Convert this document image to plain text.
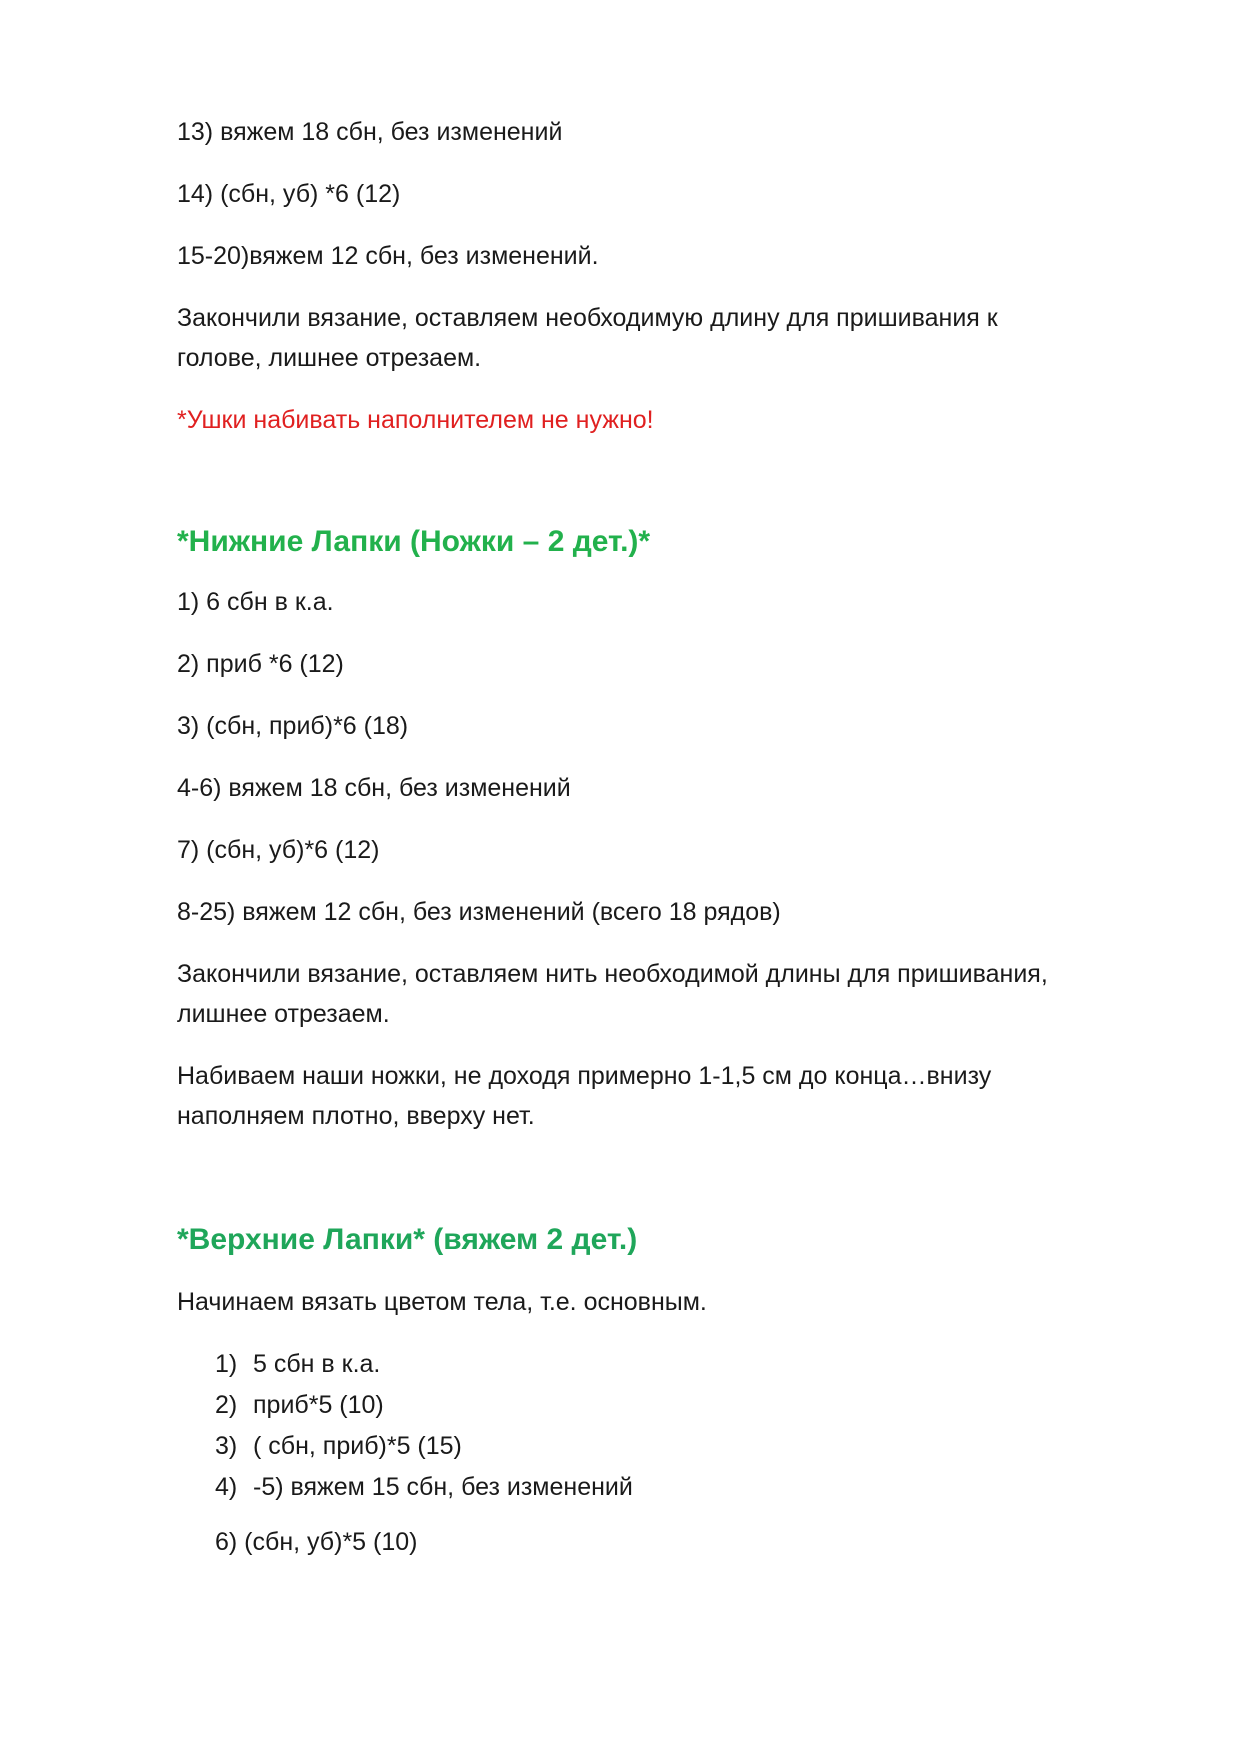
13) вяжем 18 сбн, без изменений

14) (сбн, уб) *6 (12)

15-20)вяжем 12 сбн, без изменений.

Закончили вязание, оставляем необходимую длину для пришивания к
голове, лишнее отрезаем.

*Ушки набивать наполнителем не нужно!

*Нижние Лапки (Ножки – 2 дет.)*

1) 6 сбн в к.а.

2) приб *6 (12)

3) (сбн, приб)*6 (18)

4-6) вяжем 18 сбн, без изменений

7) (сбн, уб)*6 (12)

8-25) вяжем 12 сбн, без изменений (всего 18 рядов)

Закончили вязание, оставляем нить необходимой длины для пришивания,
лишнее отрезаем.

Набиваем наши ножки, не доходя примерно 1-1,5 см до конца…внизу
наполняем плотно, вверху нет.

*Верхние Лапки* (вяжем 2 дет.)

Начинаем вязать цветом тела, т.е. основным.

1) 5 сбн в к.а.
2) приб*5 (10)
3) ( сбн, приб)*5 (15)
4) -5) вяжем 15 сбн, без изменений

6) (сбн, уб)*5 (10)
